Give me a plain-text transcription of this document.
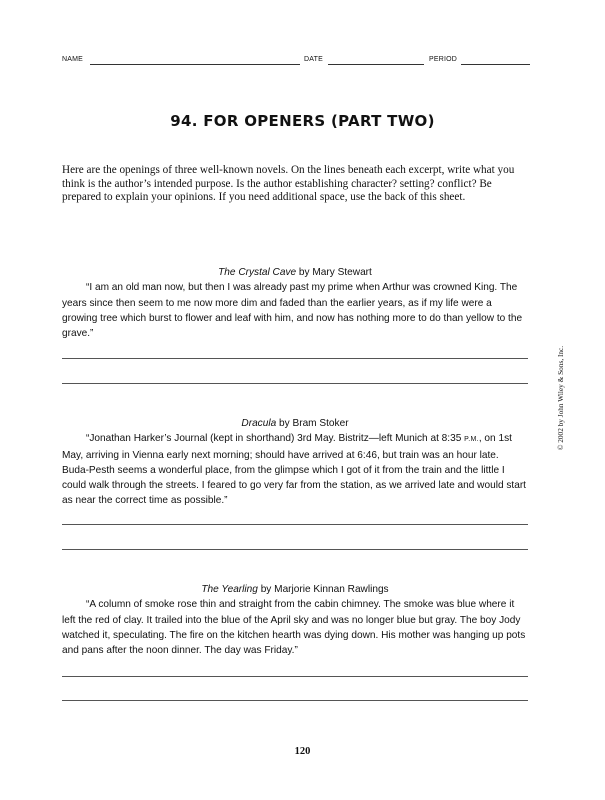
NAME	DATE	PERIOD
94. FOR OPENERS (PART TWO)
Here are the openings of three well-known novels. On the lines beneath each excerpt, write what you think is the author’s intended purpose. Is the author establishing character? setting? conflict? Be prepared to explain your opinions. If you need additional space, use the back of this sheet.
The Crystal Cave by Mary Stewart

“I am an old man now, but then I was already past my prime when Arthur was crowned King. The years since then seem to me now more dim and faded than the earlier years, as if my life were a growing tree which burst to flower and leaf with him, and now has nothing more to do than yellow to the grave.”

Dracula by Bram Stoker

“Jonathan Harker’s Journal (kept in shorthand) 3rd May. Bistritz—left Munich at 8:35 P.M., on 1st May, arriving in Vienna early next morning; should have arrived at 6:46, but train was an hour late. Buda-Pesth seems a wonderful place, from the glimpse which I got of it from the train and the little I could walk through the streets. I feared to go very far from the station, as we arrived late and would start as near the correct time as possible.”

The Yearling by Marjorie Kinnan Rawlings

“A column of smoke rose thin and straight from the cabin chimney. The smoke was blue where it left the red of clay. It trailed into the blue of the April sky and was no longer blue but gray. The boy Jody watched it, speculating. The fire on the kitchen hearth was dying down. His mother was hanging up pots and pans after the noon dinner. The day was Friday.”

© 2002 by John Wiley & Sons, Inc.
120
